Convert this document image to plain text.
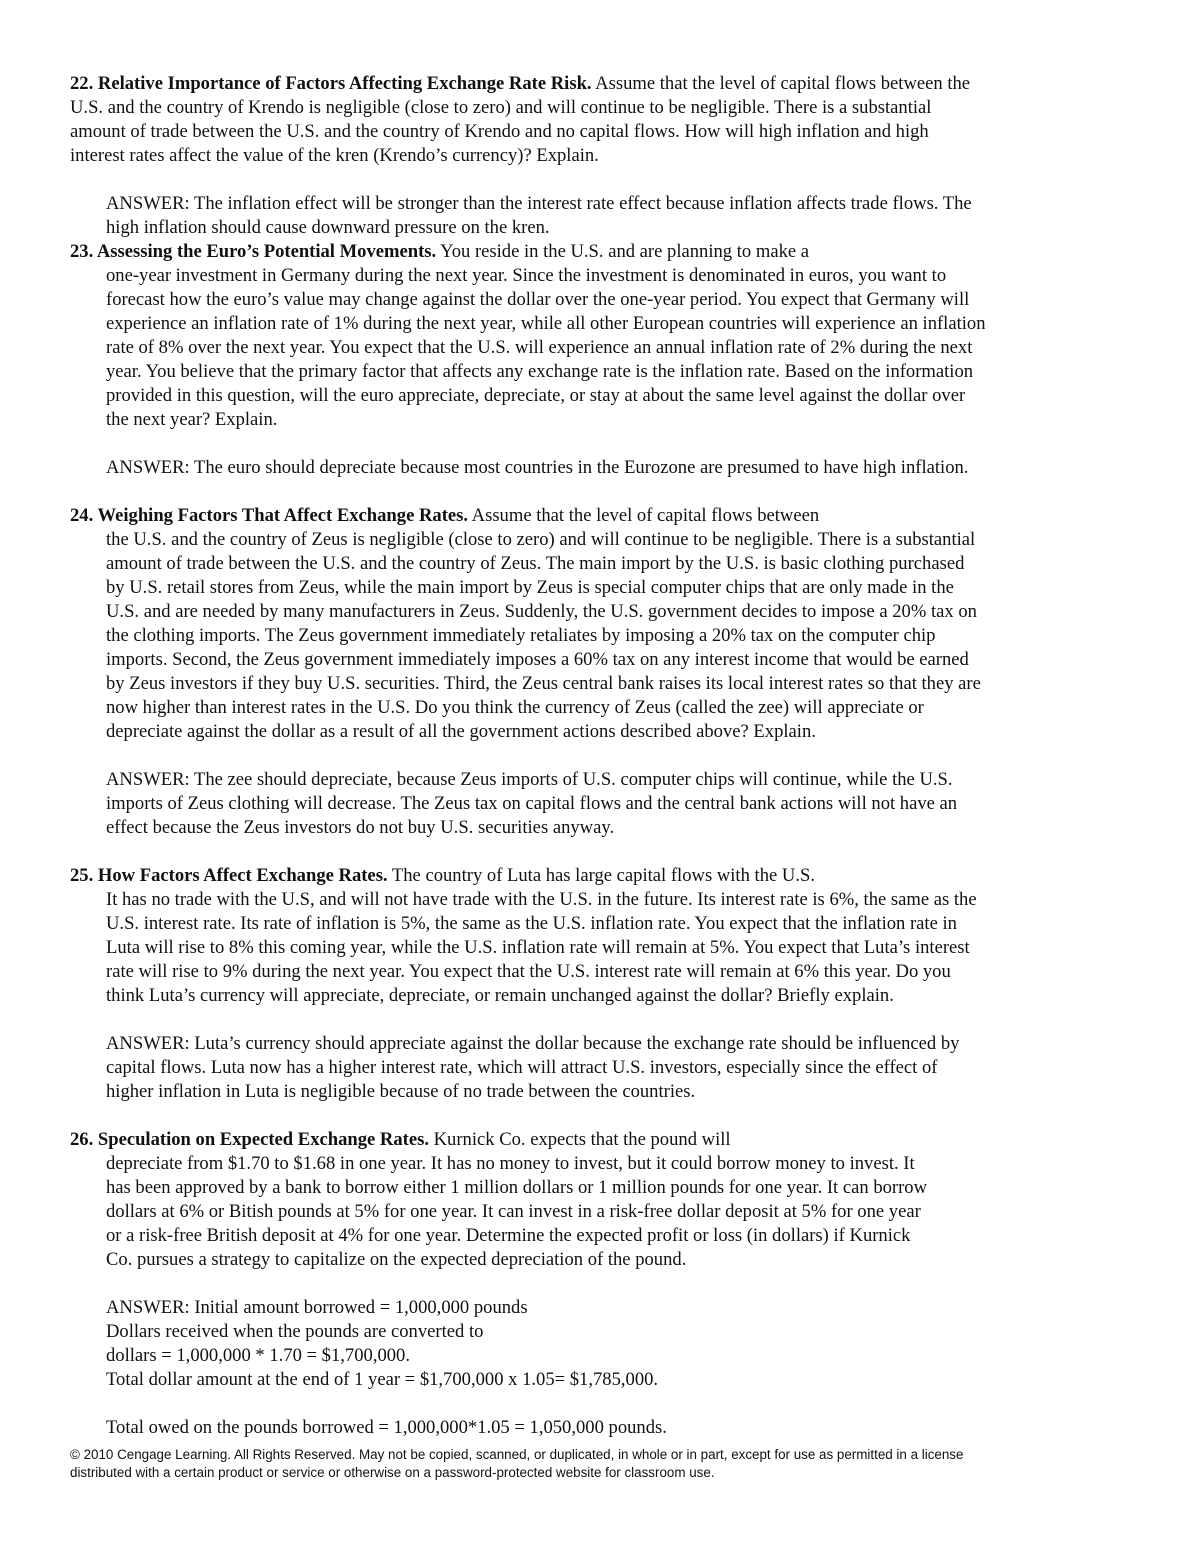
22. Relative Importance of Factors Affecting Exchange Rate Risk. Assume that the level of capital flows between the
U.S. and the country of Krendo is negligible (close to zero) and will continue to be negligible. There is a substantial
amount of trade between the U.S. and the country of Krendo and no capital flows. How will high inflation and high
interest rates affect the value of the kren (Krendo’s currency)? Explain.
ANSWER: The inflation effect will be stronger than the interest rate effect because inflation affects trade flows. The
high inflation should cause downward pressure on the kren.
23. Assessing the Euro’s Potential Movements. You reside in the U.S. and are planning to make a
one-year investment in Germany during the next year. Since the investment is denominated in euros, you want to
forecast how the euro’s value may change against the dollar over the one-year period. You expect that Germany will
experience an inflation rate of 1% during the next year, while all other European countries will experience an inflation
rate of 8% over the next year. You expect that the U.S. will experience an annual inflation rate of 2% during the next
year. You believe that the primary factor that affects any exchange rate is the inflation rate. Based on the information
provided in this question, will the euro appreciate, depreciate, or stay at about the same level against the dollar over
the next year? Explain.
ANSWER: The euro should depreciate because most countries in the Eurozone are presumed to have high inflation.
24. Weighing Factors That Affect Exchange Rates. Assume that the level of capital flows between
the U.S. and the country of Zeus is negligible (close to zero) and will continue to be negligible. There is a substantial
amount of trade between the U.S. and the country of Zeus. The main import by the U.S. is basic clothing purchased
by U.S. retail stores from Zeus, while the main import by Zeus is special computer chips that are only made in the
U.S. and are needed by many manufacturers in Zeus. Suddenly, the U.S. government decides to impose a 20% tax on
the clothing imports. The Zeus government immediately retaliates by imposing a 20% tax on the computer chip
imports. Second, the Zeus government immediately imposes a 60% tax on any interest income that would be earned
by Zeus investors if they buy U.S. securities. Third, the Zeus central bank raises its local interest rates so that they are
now higher than interest rates in the U.S. Do you think the currency of Zeus (called the zee) will appreciate or
depreciate against the dollar as a result of all the government actions described above? Explain.
ANSWER: The zee should depreciate, because Zeus imports of U.S. computer chips will continue, while the U.S.
imports of Zeus clothing will decrease. The Zeus tax on capital flows and the central bank actions will not have an
effect because the Zeus investors do not buy U.S. securities anyway.
25. How Factors Affect Exchange Rates. The country of Luta has large capital flows with the U.S.
It has no trade with the U.S, and will not have trade with the U.S. in the future. Its interest rate is 6%, the same as the
U.S. interest rate. Its rate of inflation is 5%, the same as the U.S. inflation rate. You expect that the inflation rate in
Luta will rise to 8% this coming year, while the U.S. inflation rate will remain at 5%. You expect that Luta’s interest
rate will rise to 9% during the next year. You expect that the U.S. interest rate will remain at 6% this year. Do you
think Luta’s currency will appreciate, depreciate, or remain unchanged against the dollar? Briefly explain.
ANSWER: Luta’s currency should appreciate against the dollar because the exchange rate should be influenced by
capital flows. Luta now has a higher interest rate, which will attract U.S. investors, especially since the effect of
higher inflation in Luta is negligible because of no trade between the countries.
26. Speculation on Expected Exchange Rates. Kurnick Co. expects that the pound will
depreciate from $1.70 to $1.68 in one year. It has no money to invest, but it could borrow money to invest. It
has been approved by a bank to borrow either 1 million dollars or 1 million pounds for one year. It can borrow
dollars at 6% or Bitish pounds at 5% for one year. It can invest in a risk-free dollar deposit at 5% for one year
or a risk-free British deposit at 4% for one year. Determine the expected profit or loss (in dollars) if Kurnick
Co. pursues a strategy to capitalize on the expected depreciation of the pound.
ANSWER: Initial amount borrowed = 1,000,000 pounds
Dollars received when the pounds are converted to
dollars = 1,000,000 * 1.70 = $1,700,000.
Total dollar amount at the end of 1 year = $1,700,000 x 1.05= $1,785,000.
Total owed on the pounds borrowed = 1,000,000*1.05 = 1,050,000 pounds.
© 2010 Cengage Learning. All Rights Reserved. May not be copied, scanned, or duplicated, in whole or in part, except for use as permitted in a license
distributed with a certain product or service or otherwise on a password-protected website for classroom use.
